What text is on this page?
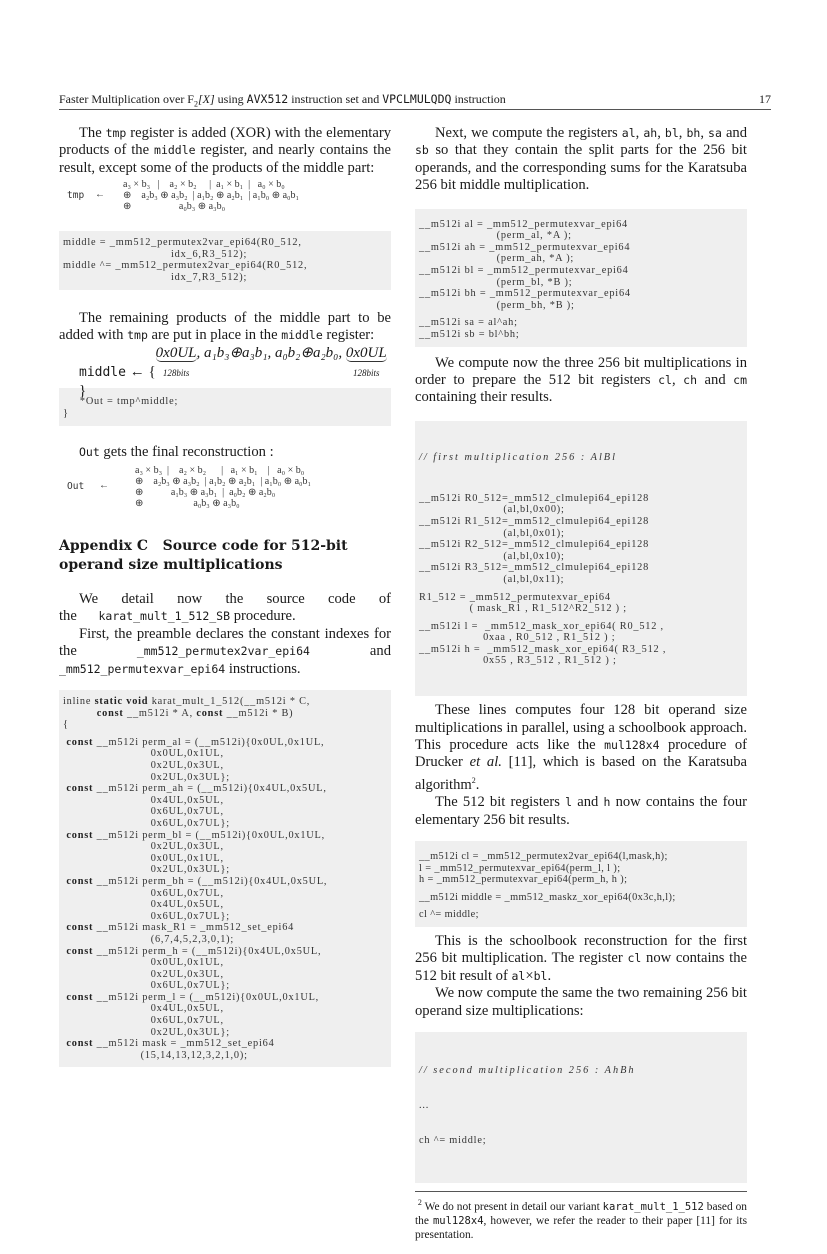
Faster Multiplication over $F_2[X]$ using AVX512 instruction set and VPCLMULQDQ instruction	17

The tmp register is added (XOR) with the elementary products of the middle register, and nearly contains the result, except some of the products of the middle part:

tmp

←

a₃ × b₃   |    a₂ × b₂     |  a₁ × b₁  |   a₀ × b₀

⊕    a₂b₃ ⊕ a₃b₂  | a₁b₂ ⊕ a₂b₁  | a₁b₀ ⊕ a₀b₁

⊕                   a₀b₃ ⊕ a₃b₀

middle = _mm512_permutex2var_epi64(R0_512,
idx_6,R3_512);
middle ^= _mm512_permutex2var_epi64(R0_512,
idx_7,R3_512);

The remaining products of the middle part to be added with tmp are put in place in the middle register:

middle ← {0x0UL
128bits
, a₁b₃⊕a₃b₁, a₀b₂⊕a₂b₀, 0x0UL
128bits
}
*Out = tmp^middle;
}

Out gets the final reconstruction :

Out

←

a₃ × b₃  |    a₂ × b₂      |   a₁ × b₁    |   a₀ × b₀

⊕    a₂b₃ ⊕ a₃b₂  | a₁b₂ ⊕ a₂b₁  | a₁b₀ ⊕ a₀b₁

⊕           a₁b₃ ⊕ a₃b₁  |  a₀b₂ ⊕ a₂b₀

⊕                    a₀b₃ ⊕ a₃b₀

Appendix C Source code for 512-bit operand size multiplications

We detail now the source code of the karat_mult_1_512_SB procedure.

First, the preamble declares the constant indexes for the _mm512_permutex2var_epi64 and _mm512_permutexvar_epi64 instructions.

inline static void karat_mult_1_512(__m512i * C,
const __m512i * A, const __m512i * B)
{
const __m512i perm_al = (__m512i){0x0UL,0x1UL,
0x0UL,0x1UL,
0x2UL,0x3UL,
0x2UL,0x3UL};
const __m512i perm_ah = (__m512i){0x4UL,0x5UL,
0x4UL,0x5UL,
0x6UL,0x7UL,
0x6UL,0x7UL};
const __m512i perm_bl = (__m512i){0x0UL,0x1UL,
0x2UL,0x3UL,
0x0UL,0x1UL,
0x2UL,0x3UL};
const __m512i perm_bh = (__m512i){0x4UL,0x5UL,
0x6UL,0x7UL,
0x4UL,0x5UL,
0x6UL,0x7UL};
const __m512i mask_R1 = _mm512_set_epi64
(6,7,4,5,2,3,0,1);
const __m512i perm_h = (__m512i){0x4UL,0x5UL,
0x0UL,0x1UL,
0x2UL,0x3UL,
0x6UL,0x7UL};
const __m512i perm_l = (__m512i){0x0UL,0x1UL,
0x4UL,0x5UL,
0x6UL,0x7UL,
0x2UL,0x3UL};
const __m512i mask = _mm512_set_epi64
(15,14,13,12,3,2,1,0);

Next, we compute the registers al, ah, bl, bh, sa and sb so that they contain the split parts for the 256 bit operands, and the corresponding sums for the Karatsuba 256 bit middle multiplication.

__m512i al = _mm512_permutexvar_epi64
(perm_al, *A );
__m512i ah = _mm512_permutexvar_epi64
(perm_ah, *A );
__m512i bl = _mm512_permutexvar_epi64
(perm_bl, *B );
__m512i bh = _mm512_permutexvar_epi64
(perm_bh, *B );
__m512i sa = al^ah;
__m512i sb = bl^bh;

We compute now the three 256 bit multiplications in order to prepare the 512 bit registers cl, ch and cm containing their results.

// first multiplication 256 : AlBl

__m512i R0_512=_mm512_clmulepi64_epi128
(al,bl,0x00);
__m512i R1_512=_mm512_clmulepi64_epi128
(al,bl,0x01);
__m512i R2_512=_mm512_clmulepi64_epi128
(al,bl,0x10);
__m512i R3_512=_mm512_clmulepi64_epi128
(al,bl,0x11);
R1_512 = _mm512_permutexvar_epi64
( mask_R1 , R1_512^R2_512 ) ;
__m512i l =  _mm512_mask_xor_epi64( R0_512 ,
0xaa , R0_512 , R1_512 ) ;
__m512i h =  _mm512_mask_xor_epi64( R3_512 ,
0x55 , R3_512 , R1_512 ) ;

These lines computes four 128 bit operand size multiplications in parallel, using a schoolbook approach. This procedure acts like the mul128x4 procedure of Drucker et al. [11], which is based on the Karatsuba algorithm$^2$.

The 512 bit registers l and h now contains the four elementary 256 bit results.

__m512i cl = _mm512_permutex2var_epi64(l,mask,h);
l = _mm512_permutexvar_epi64(perm_l, l );
h = _mm512_permutexvar_epi64(perm_h, h );
__m512i middle = _mm512_maskz_xor_epi64(0x3c,h,l);
cl ^= middle;

This is the schoolbook reconstruction for the first 256 bit multiplication. The register cl now contains the 512 bit result of al×bl.

We now compute the same the two remaining 256 bit operand size multiplications:

// second multiplication 256 : AhBh

...

ch ^= middle;

$^2$ We do not present in detail our variant karat_mult_1_512 based on the mul128x4, however, we refer the reader to their paper [11] for its presentation.
